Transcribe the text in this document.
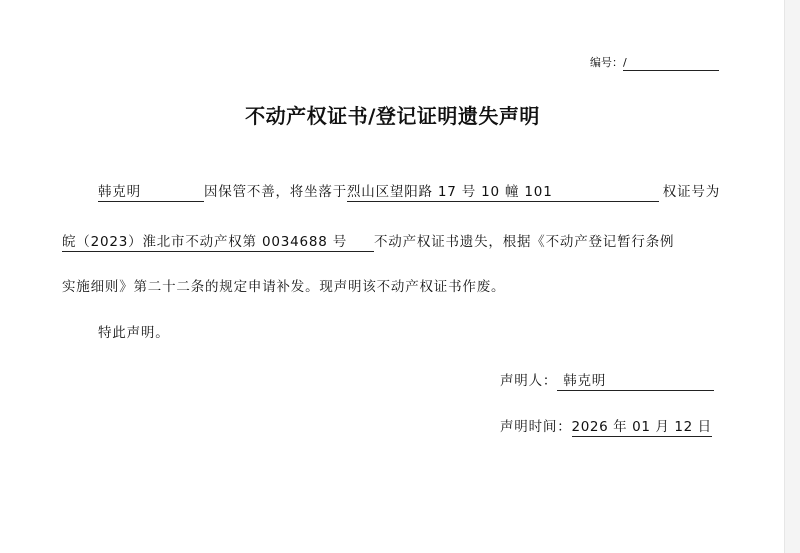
编号：/
不动产权证书/登记证明遗失声明
韩克明	因保管不善，将坐落于烈山区望阳路 17 号 10 幢 101	权证号为
皖（2023）淮北市不动产权第 0034688 号 不动产权证书遗失，根据《不动产登记暂行条例
实施细则》第二十二条的规定申请补发。现声明该不动产权证书作废。
特此声明。
声明人： 韩克明
声明时间：2026 年 01 月 12 日
